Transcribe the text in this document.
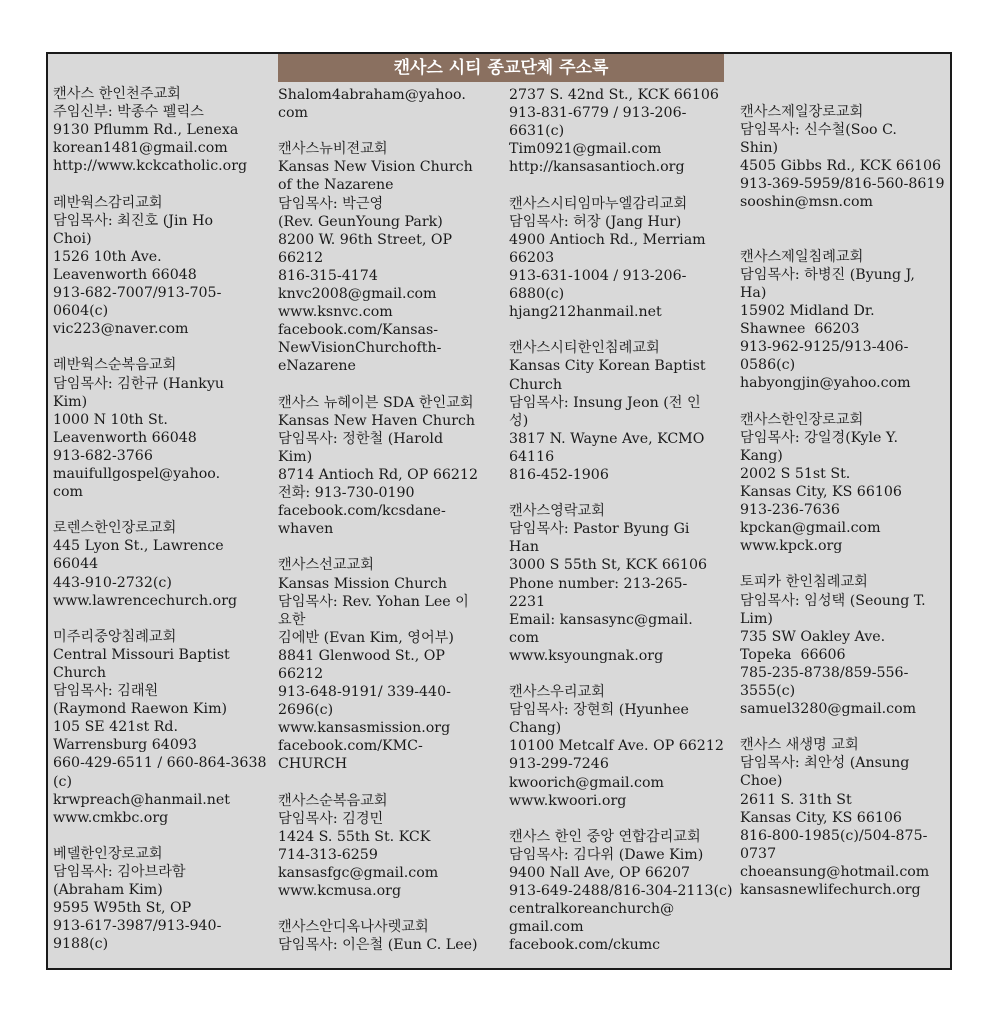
캔사스 시티 종교단체 주소록
캔사스 한인천주교회
주임신부: 박종수 펠릭스
9130 Pflumm Rd., Lenexa
korean1481@gmail.com
http://www.kckcatholic.org
레반웍스감리교회
담임목사: 최진호 (Jin Ho
Choi)
1526 10th Ave.
Leavenworth 66048
913-682-7007/913-705-
0604(c)
vic223@naver.com
레반웍스순복음교회
담임목사: 김한규 (Hankyu
Kim)
1000 N 10th St.
Leavenworth 66048
913-682-3766
mauifullgospel@yahoo.
com
로렌스한인장로교회
445 Lyon St., Lawrence
66044
443-910-2732(c)
www.lawrencechurch.org
미주리중앙침례교회
Central Missouri Baptist
Church
담임목사: 김래원
(Raymond Raewon Kim)
105 SE 421st Rd.
Warrensburg 64093
660-429-6511 / 660-864-3638
(c)
krwpreach@hanmail.net
www.cmkbc.org
베델한인장로교회
담임목사: 김아브라함
(Abraham Kim)
9595 W95th St, OP
913-617-3987/913-940-
9188(c)
Shalom4abraham@yahoo.
com
캔사스뉴비젼교회
Kansas New Vision Church
of the Nazarene
담임목사: 박근영
(Rev. GeunYoung Park)
8200 W. 96th Street, OP
66212
816-315-4174
knvc2008@gmail.com
www.ksnvc.com
facebook.com/Kansas-
NewVisionChurchofth-
eNazarene
캔사스 뉴헤이븐 SDA 한인교회
Kansas New Haven Church
담임목사: 정한철 (Harold
Kim)
8714 Antioch Rd, OP 66212
전화: 913-730-0190
facebook.com/kcsdane-
whaven
캔사스선교교회
Kansas Mission Church
담임목사: Rev. Yohan Lee 이
요한
김에반 (Evan Kim, 영어부)
8841 Glenwood St., OP
66212
913-648-9191/ 339-440-
2696(c)
www.kansasmission.org
facebook.com/KMC-
CHURCH
캔사스순복음교회
담임목사: 김경민
1424 S. 55th St. KCK
714-313-6259
kansasfgc@gmail.com
www.kcmusa.org
캔사스안디옥나사렛교회
담임목사: 이은철 (Eun C. Lee)
2737 S. 42nd St., KCK 66106
913-831-6779 / 913-206-
6631(c)
Tim0921@gmail.com
http://kansasantioch.org
캔사스시티임마누엘감리교회
담임목사: 허장 (Jang Hur)
4900 Antioch Rd., Merriam
66203
913-631-1004 / 913-206-
6880(c)
hjang212hanmail.net
캔사스시티한인침례교회
Kansas City Korean Baptist
Church
담임목사: Insung Jeon (전 인
성)
3817 N. Wayne Ave, KCMO
64116
816-452-1906
캔사스영락교회
담임목사: Pastor Byung Gi
Han
3000 S 55th St, KCK 66106
Phone number: 213-265-
2231
Email: kansasync@gmail.
com
www.ksyoungnak.org
캔사스우리교회
담임목사: 장현희 (Hyunhee
Chang)
10100 Metcalf Ave. OP 66212
913-299-7246
kwoorich@gmail.com
www.kwoori.org
캔사스 한인 중앙 연합감리교회
담임목사: 김다위 (Dawe Kim)
9400 Nall Ave, OP 66207
913-649-2488/816-304-2113(c)
centralkoreanchurch@
gmail.com
facebook.com/ckumc
캔사스제일장로교회
담임목사: 신수철(Soo C.
Shin)
4505 Gibbs Rd., KCK 66106
913-369-5959/816-560-8619
sooshin@msn.com

캔사스제일침례교회
담임목사: 하병진 (Byung J,
Ha)
15902 Midland Dr.
Shawnee  66203
913-962-9125/913-406-
0586(c)
habyongjin@yahoo.com
캔사스한인장로교회
담임목사: 강일경(Kyle Y.
Kang)
2002 S 51st St.
Kansas City, KS 66106
913-236-7636
kpckan@gmail.com
www.kpck.org
토피카 한인침례교회
담임목사: 임성택 (Seoung T.
Lim)
735 SW Oakley Ave.
Topeka  66606
785-235-8738/859-556-
3555(c)
samuel3280@gmail.com
캔사스 새생명 교회
담임목사: 최안성 (Ansung
Choe)
2611 S. 31th St
Kansas City, KS 66106
816-800-1985(c)/504-875-
0737
choeansung@hotmail.com
kansasnewlifechurch.org
